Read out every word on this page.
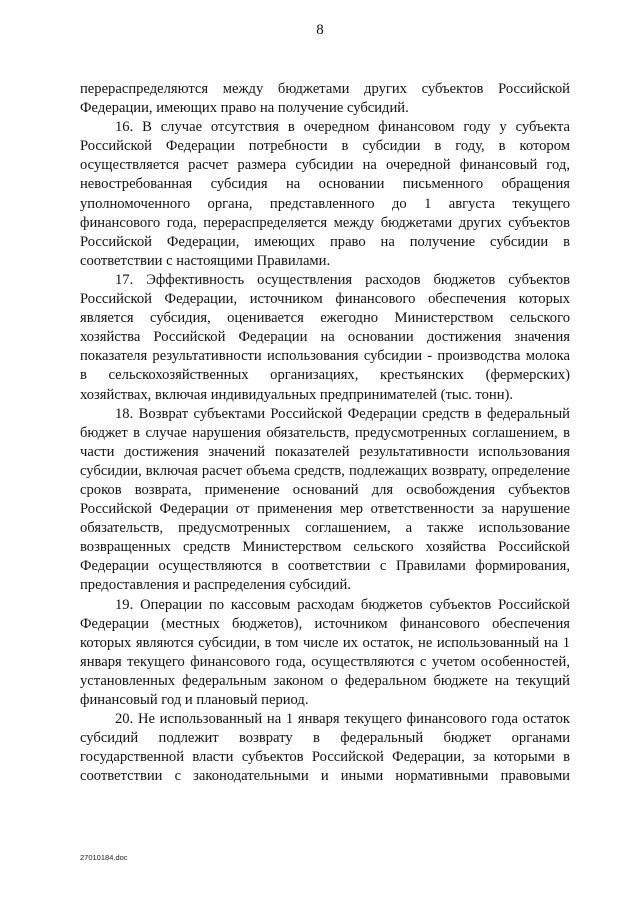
8

перераспределяются между бюджетами других субъектов Российской Федерации, имеющих право на получение субсидий.

16. В случае отсутствия в очередном финансовом году у субъекта Российской Федерации потребности в субсидии в году, в котором осуществляется расчет размера субсидии на очередной финансовый год, невостребованная субсидия на основании письменного обращения уполномоченного органа, представленного до 1 августа текущего финансового года, перераспределяется между бюджетами других субъектов Российской Федерации, имеющих право на получение субсидии в соответствии с настоящими Правилами.

17. Эффективность осуществления расходов бюджетов субъектов Российской Федерации, источником финансового обеспечения которых является субсидия, оценивается ежегодно Министерством сельского хозяйства Российской Федерации на основании достижения значения показателя результативности использования субсидии - производства молока в сельскохозяйственных организациях, крестьянских (фермерских) хозяйствах, включая индивидуальных предпринимателей (тыс. тонн).

18. Возврат субъектами Российской Федерации средств в федеральный бюджет в случае нарушения обязательств, предусмотренных соглашением, в части достижения значений показателей результативности использования субсидии, включая расчет объема средств, подлежащих возврату, определение сроков возврата, применение оснований для освобождения субъектов Российской Федерации от применения мер ответственности за нарушение обязательств, предусмотренных соглашением, а также использование возвращенных средств Министерством сельского хозяйства Российской Федерации осуществляются в соответствии с Правилами формирования, предоставления и распределения субсидий.

19. Операции по кассовым расходам бюджетов субъектов Российской Федерации (местных бюджетов), источником финансового обеспечения которых являются субсидии, в том числе их остаток, не использованный на 1 января текущего финансового года, осуществляются с учетом особенностей, установленных федеральным законом о федеральном бюджете на текущий финансовый год и плановый период.

20. Не использованный на 1 января текущего финансового года остаток субсидий подлежит возврату в федеральный бюджет органами государственной власти субъектов Российской Федерации, за которыми в соответствии с законодательными и иными нормативными правовыми

27010184.doc
